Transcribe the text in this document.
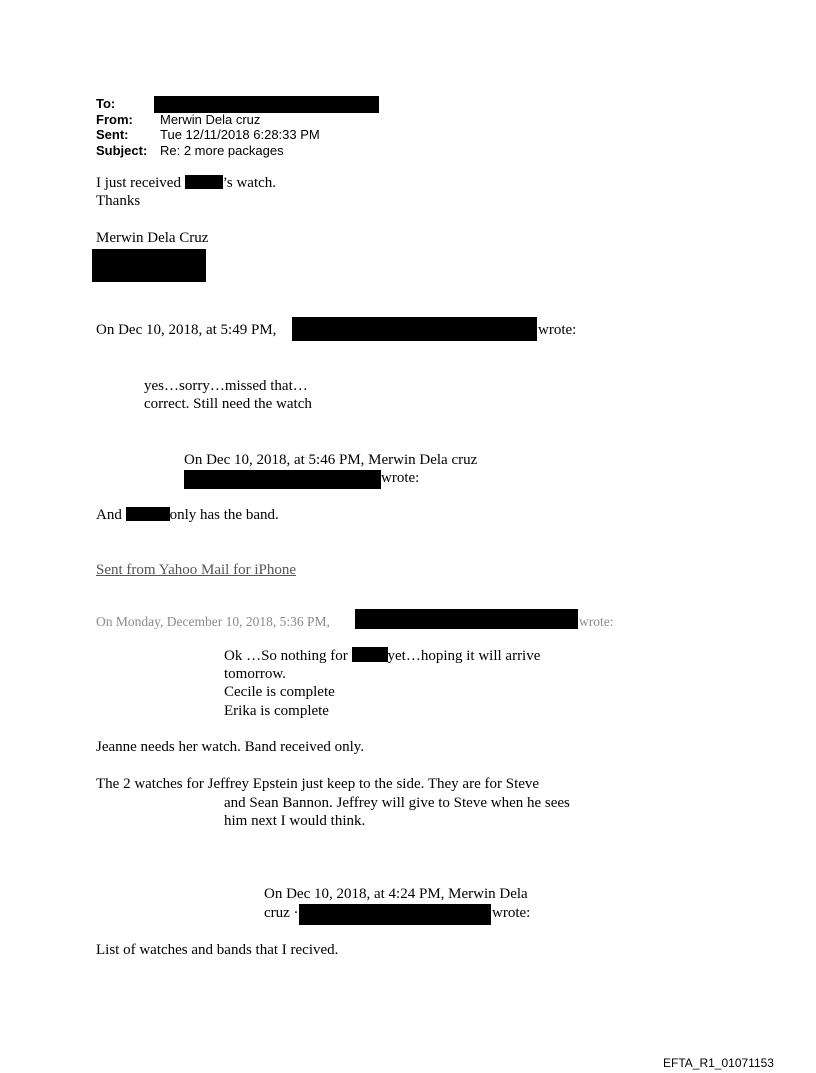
To:
From: Merwin Dela cruz
Sent: Tue 12/11/2018 6:28:33 PM
Subject: Re: 2 more packages
I just received	’s watch.
Thanks
Merwin Dela Cruz
On Dec 10, 2018, at 5:49 PM,	wrote:
yes…sorry…missed that…
correct. Still need the watch
On Dec 10, 2018, at 5:46 PM, Merwin Dela cruz
wrote:
And	only has the band.
Sent from Yahoo Mail for iPhone
On Monday, December 10, 2018, 5:36 PM,	wrote:
Ok …So nothing for yet…hoping it will arrive
tomorrow.
Cecile is complete
Erika is complete
Jeanne needs her watch. Band received only.
The 2 watches for Jeffrey Epstein just keep to the side. They are for Steve
and Sean Bannon. Jeffrey will give to Steve when he sees
him next I would think.
On Dec 10, 2018, at 4:24 PM, Merwin Dela
cruz ·	wrote:
List of watches and bands that I recived.
EFTA_R1_01071153
